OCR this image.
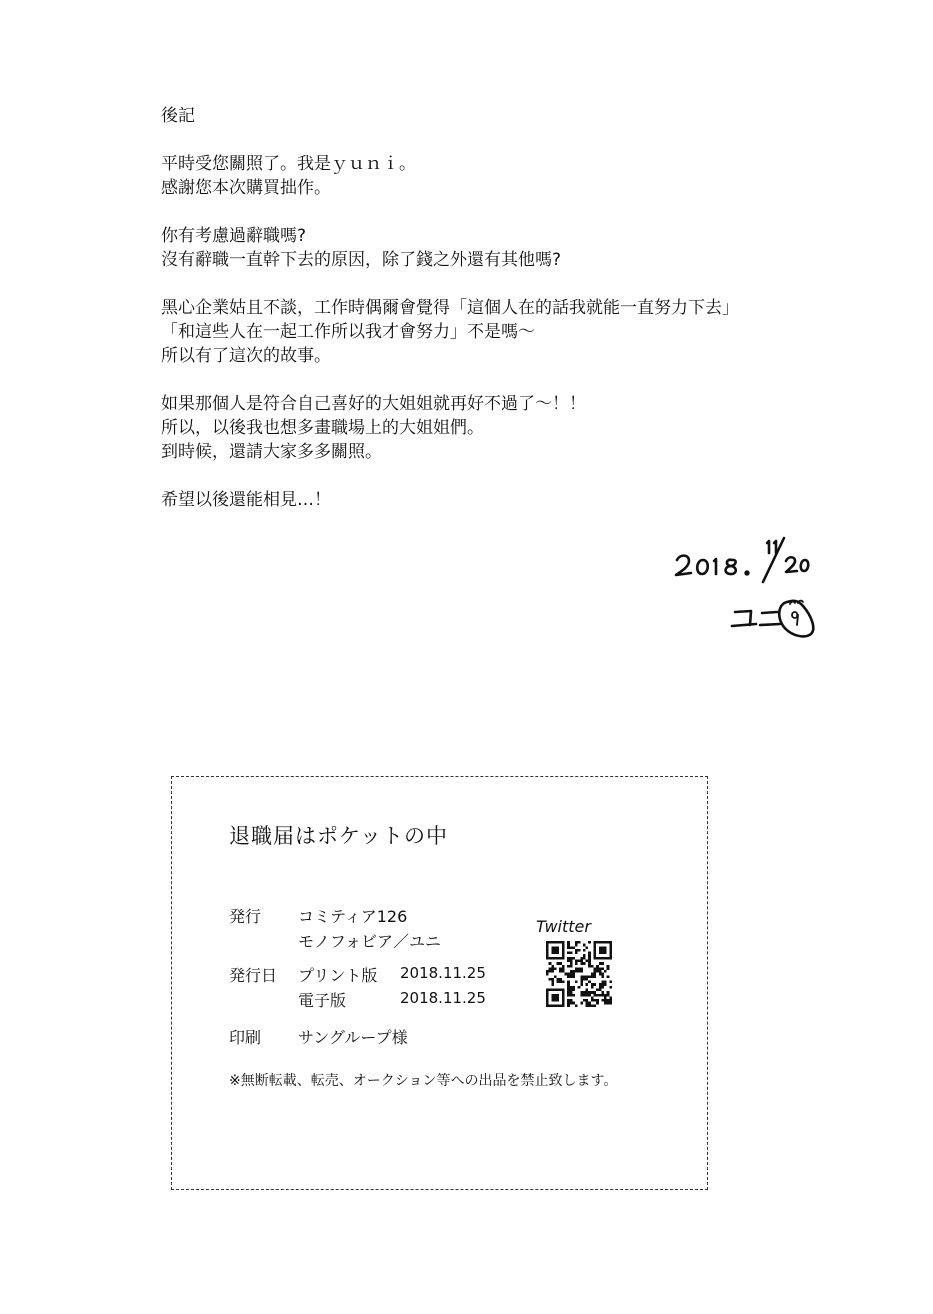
後記
平時受您關照了。我是ｙｕｎｉ。
感謝您本次購買拙作。
你有考慮過辭職嗎?
沒有辭職一直幹下去的原因，除了錢之外還有其他嗎?
黑心企業姑且不談，工作時偶爾會覺得「這個人在的話我就能一直努力下去」
「和這些人在一起工作所以我才會努力」不是嗎～
所以有了這次的故事。
如果那個人是符合自己喜好的大姐姐就再好不過了～！！
所以，以後我也想多畫職場上的大姐姐們。
到時候，還請大家多多關照。
希望以後還能相見…！
退職届はポケットの中
発行 コミティア126
モノフォビア／ユニ
発行日 プリント版 2018.11.25
電子版	2018.11.25
印刷 サングループ様
※無断転載、転売、オークション等への出品を禁止致します。
Twitter
